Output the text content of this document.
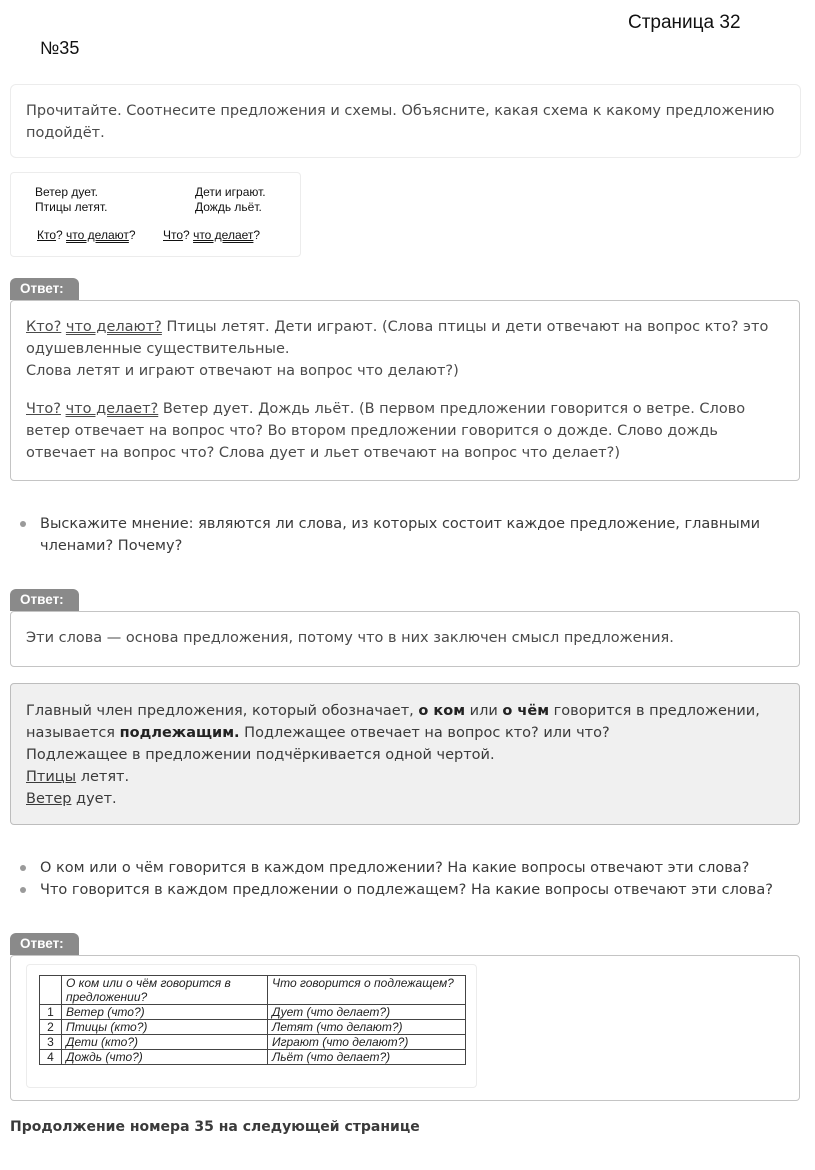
Страница 32
№35
Прочитайте. Соотнесите предложения и схемы. Объясните, какая схема к какому предложению подойдёт.
Ветер дует.
Птицы летят.
Дети играют.
Дождь льёт.
Кто? что делают? Что? что делает?
Ответ:

Кто? что делают? Птицы летят. Дети играют. (Слова птицы и дети отвечают на вопрос кто? это одушевленные существительные.
Слова летят и играют отвечают на вопрос что делают?)

Что? что делает? Ветер дует. Дождь льёт. (В первом предложении говорится о ветре. Слово ветер отвечает на вопрос что? Во втором предложении говорится о дожде. Слово дождь отвечает на вопрос что? Слова дует и льет отвечают на вопрос что делает?)

Выскажите мнение: являются ли слова, из которых состоит каждое предложение, главными членами? Почему?
Ответ:
Эти слова — основа предложения, потому что в них заключен смысл предложения.
Главный член предложения, который обозначает, о ком или о чём говорится в предложении, называется подлежащим. Подлежащее отвечает на вопрос кто? или что?
Подлежащее в предложении подчёркивается одной чертой.
Птицы летят.
Ветер дует.
О ком или о чём говорится в каждом предложении? На какие вопросы отвечают эти слова?
Что говорится в каждом предложении о подлежащем? На какие вопросы отвечают эти слова?
Ответ:
	О ком или о чём говорится в предложении?	Что говорится о подлежащем?
1	Ветер (что?)	Дует (что делает?)
2	Птицы (кто?)	Летят (что делают?)
3	Дети (кто?)	Играют (что делают?)
4	Дождь (что?)	Льёт (что делает?)
Продолжение номера 35 на следующей странице
